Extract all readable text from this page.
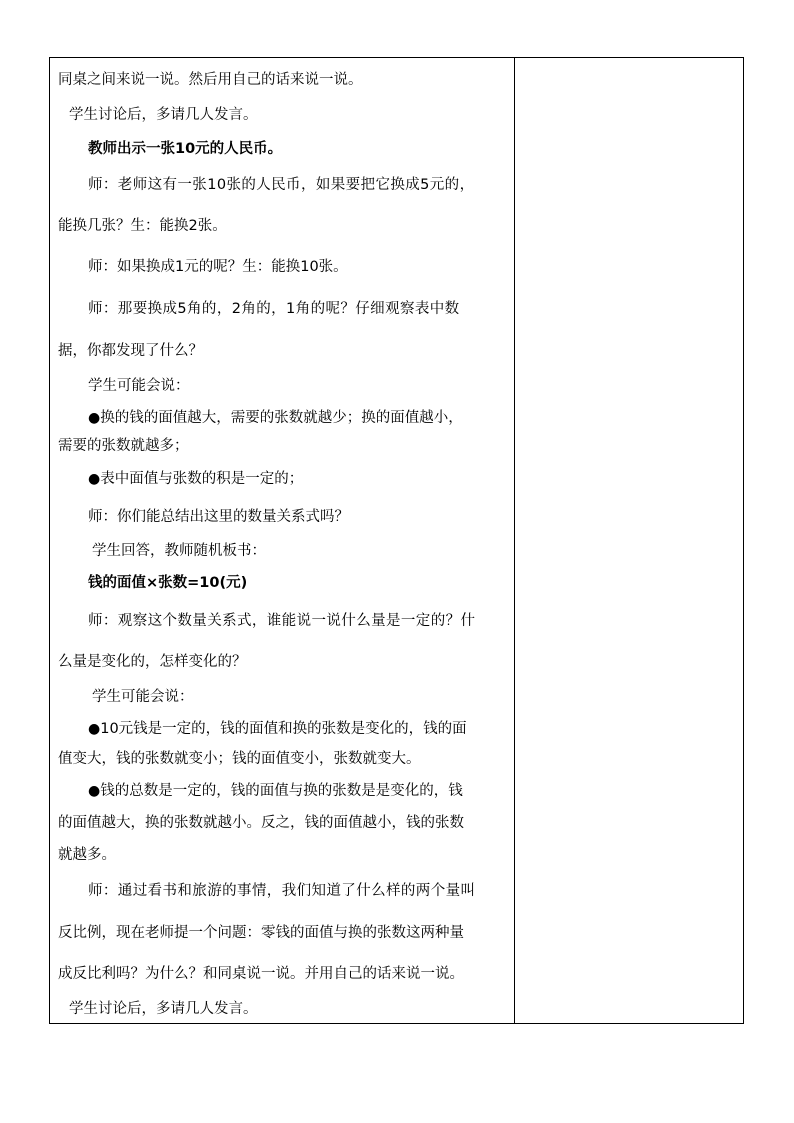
同桌之间来说一说。然后用自己的话来说一说。
学生讨论后，多请几人发言。
教师出示一张10元的人民币。
师：老师这有一张10张的人民币，如果要把它换成5元的，
能换几张？生：能换2张。
师：如果换成1元的呢？生：能换10张。
师：那要换成5角的，2角的，1角的呢？仔细观察表中数
据，你都发现了什么？
学生可能会说：
●换的钱的面值越大，需要的张数就越少；换的面值越小，
需要的张数就越多；
●表中面值与张数的积是一定的；
师：你们能总结出这里的数量关系式吗？
学生回答，教师随机板书：
钱的面值×张数=10(元)
师：观察这个数量关系式，谁能说一说什么量是一定的？什
么量是变化的，怎样变化的？
学生可能会说：
●10元钱是一定的，钱的面值和换的张数是变化的，钱的面
值变大，钱的张数就变小；钱的面值变小，张数就变大。
●钱的总数是一定的，钱的面值与换的张数是是变化的，钱
的面值越大，换的张数就越小。反之，钱的面值越小，钱的张数
就越多。
师：通过看书和旅游的事情，我们知道了什么样的两个量叫
反比例，现在老师提一个问题：零钱的面值与换的张数这两种量
成反比利吗？为什么？和同桌说一说。并用自己的话来说一说。
学生讨论后，多请几人发言。
